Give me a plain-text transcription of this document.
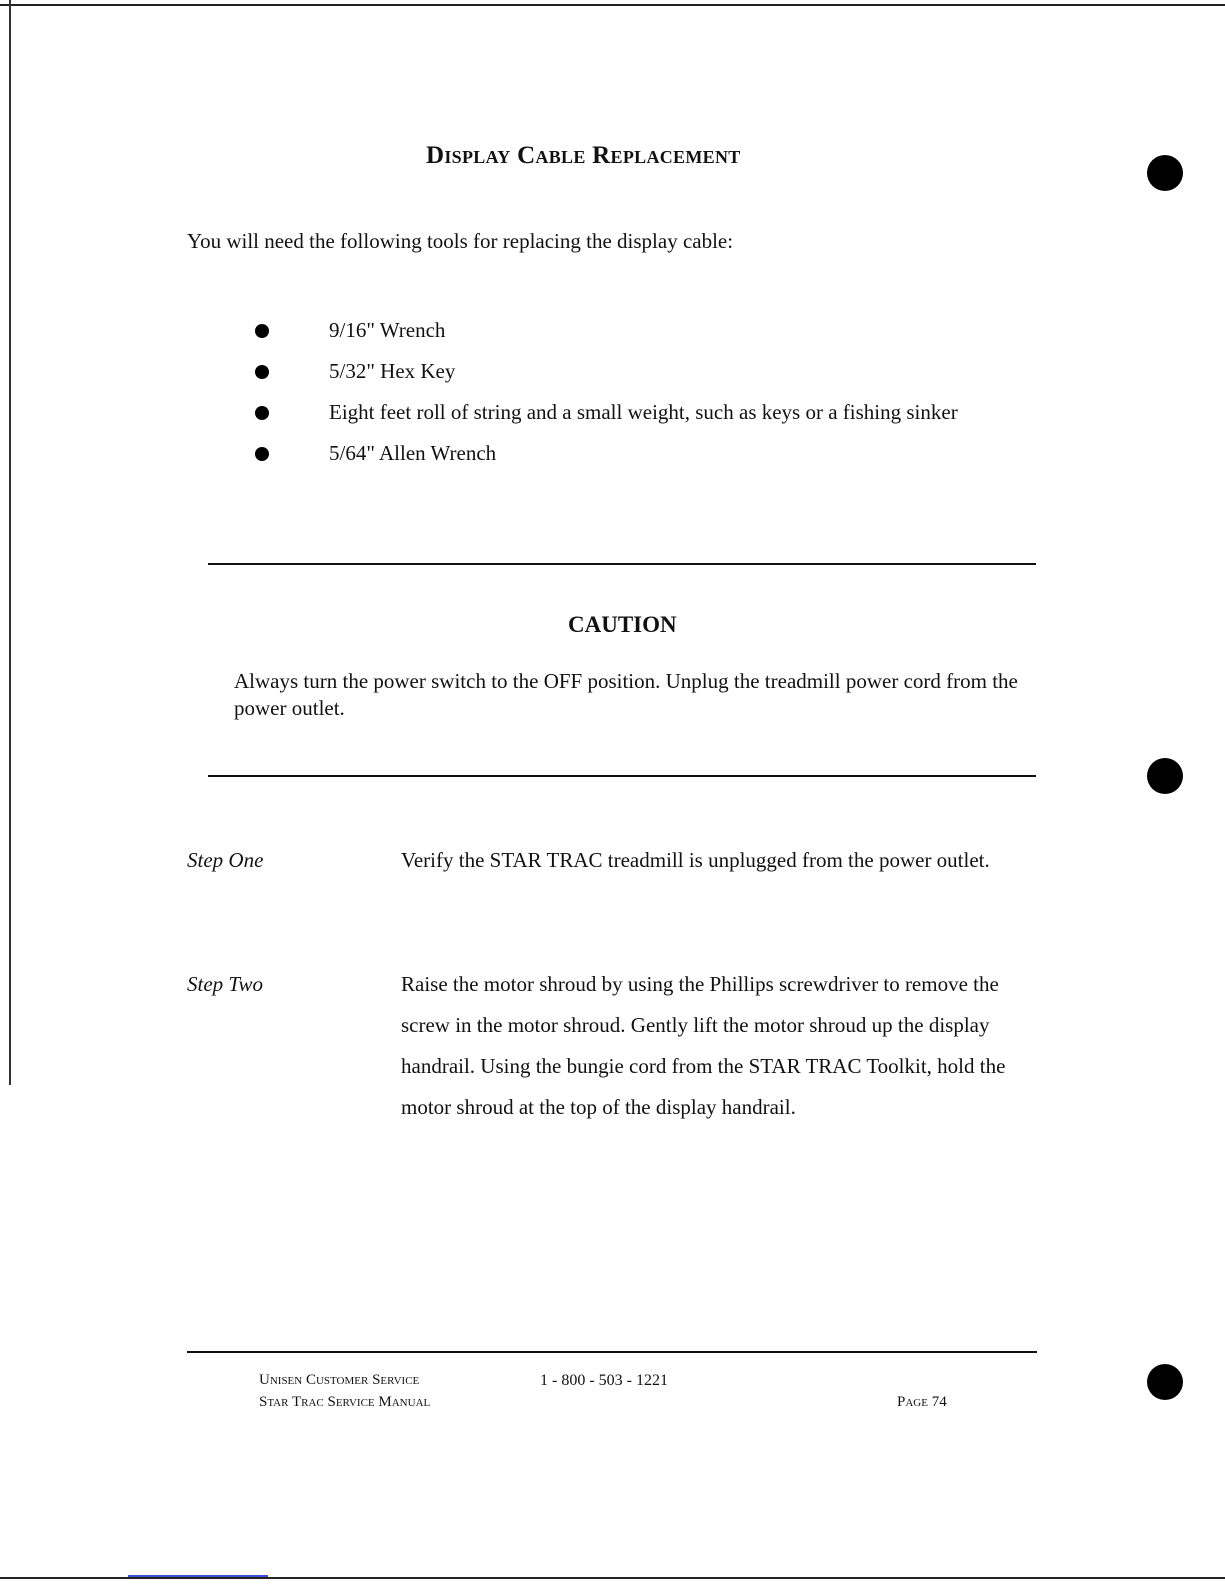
Display Cable Replacement
You will need the following tools for replacing the display cable:
9/16" Wrench
5/32" Hex Key
Eight feet roll of string and a small weight, such as keys or a fishing sinker
5/64" Allen Wrench
CAUTION
Always turn the power switch to the OFF position. Unplug the treadmill power cord from the power outlet.
Step One	Verify the STAR TRAC treadmill is unplugged from the power outlet.
Step Two	Raise the motor shroud by using the Phillips screwdriver to remove the screw in the motor shroud. Gently lift the motor shroud up the display handrail. Using the bungie cord from the STAR TRAC Toolkit, hold the motor shroud at the top of the display handrail.
Unisen Customer Service	1 - 800 - 503 - 1221
Star Trac Service Manual	Page 74
